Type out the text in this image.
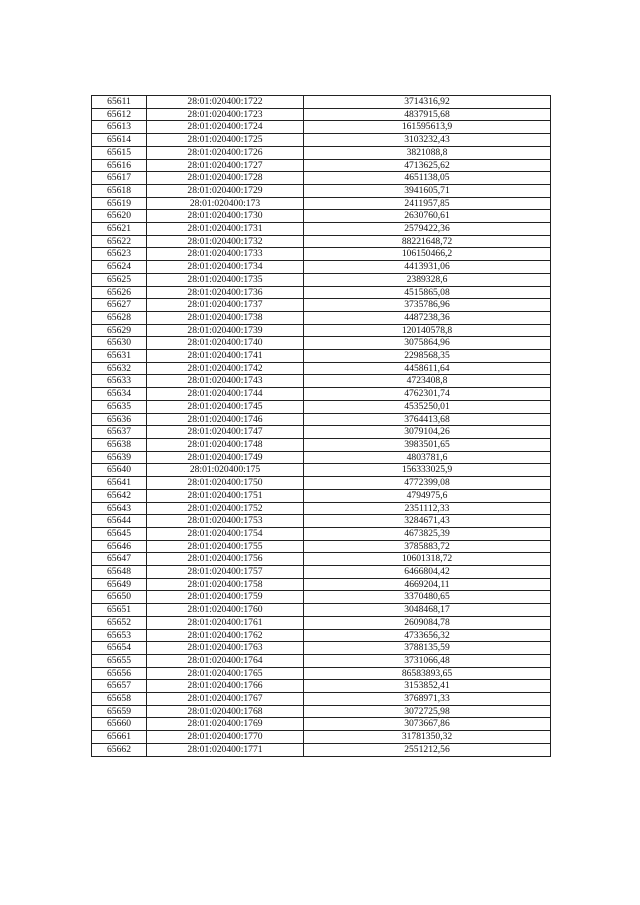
65611	28:01:020400:1722	3714316,92
65612	28:01:020400:1723	4837915,68
65613	28:01:020400:1724	161595613,9
65614	28:01:020400:1725	3103232,43
65615	28:01:020400:1726	3821088,8
65616	28:01:020400:1727	4713625,62
65617	28:01:020400:1728	4651138,05
65618	28:01:020400:1729	3941605,71
65619	28:01:020400:173	2411957,85
65620	28:01:020400:1730	2630760,61
65621	28:01:020400:1731	2579422,36
65622	28:01:020400:1732	88221648,72
65623	28:01:020400:1733	106150466,2
65624	28:01:020400:1734	4413931,06
65625	28:01:020400:1735	2389328,6
65626	28:01:020400:1736	4515865,08
65627	28:01:020400:1737	3735786,96
65628	28:01:020400:1738	4487238,36
65629	28:01:020400:1739	120140578,8
65630	28:01:020400:1740	3075864,96
65631	28:01:020400:1741	2298568,35
65632	28:01:020400:1742	4458611,64
65633	28:01:020400:1743	4723408,8
65634	28:01:020400:1744	4762301,74
65635	28:01:020400:1745	4535250,01
65636	28:01:020400:1746	3764413,68
65637	28:01:020400:1747	3079104,26
65638	28:01:020400:1748	3983501,65
65639	28:01:020400:1749	4803781,6
65640	28:01:020400:175	156333025,9
65641	28:01:020400:1750	4772399,08
65642	28:01:020400:1751	4794975,6
65643	28:01:020400:1752	2351112,33
65644	28:01:020400:1753	3284671,43
65645	28:01:020400:1754	4673825,39
65646	28:01:020400:1755	3785883,72
65647	28:01:020400:1756	10601318,72
65648	28:01:020400:1757	6466804,42
65649	28:01:020400:1758	4669204,11
65650	28:01:020400:1759	3370480,65
65651	28:01:020400:1760	3048468,17
65652	28:01:020400:1761	2609084,78
65653	28:01:020400:1762	4733656,32
65654	28:01:020400:1763	3788135,59
65655	28:01:020400:1764	3731066,48
65656	28:01:020400:1765	86583893,65
65657	28:01:020400:1766	3153852,41
65658	28:01:020400:1767	3768971,33
65659	28:01:020400:1768	3072725,98
65660	28:01:020400:1769	3073667,86
65661	28:01:020400:1770	31781350,32
65662	28:01:020400:1771	2551212,56
